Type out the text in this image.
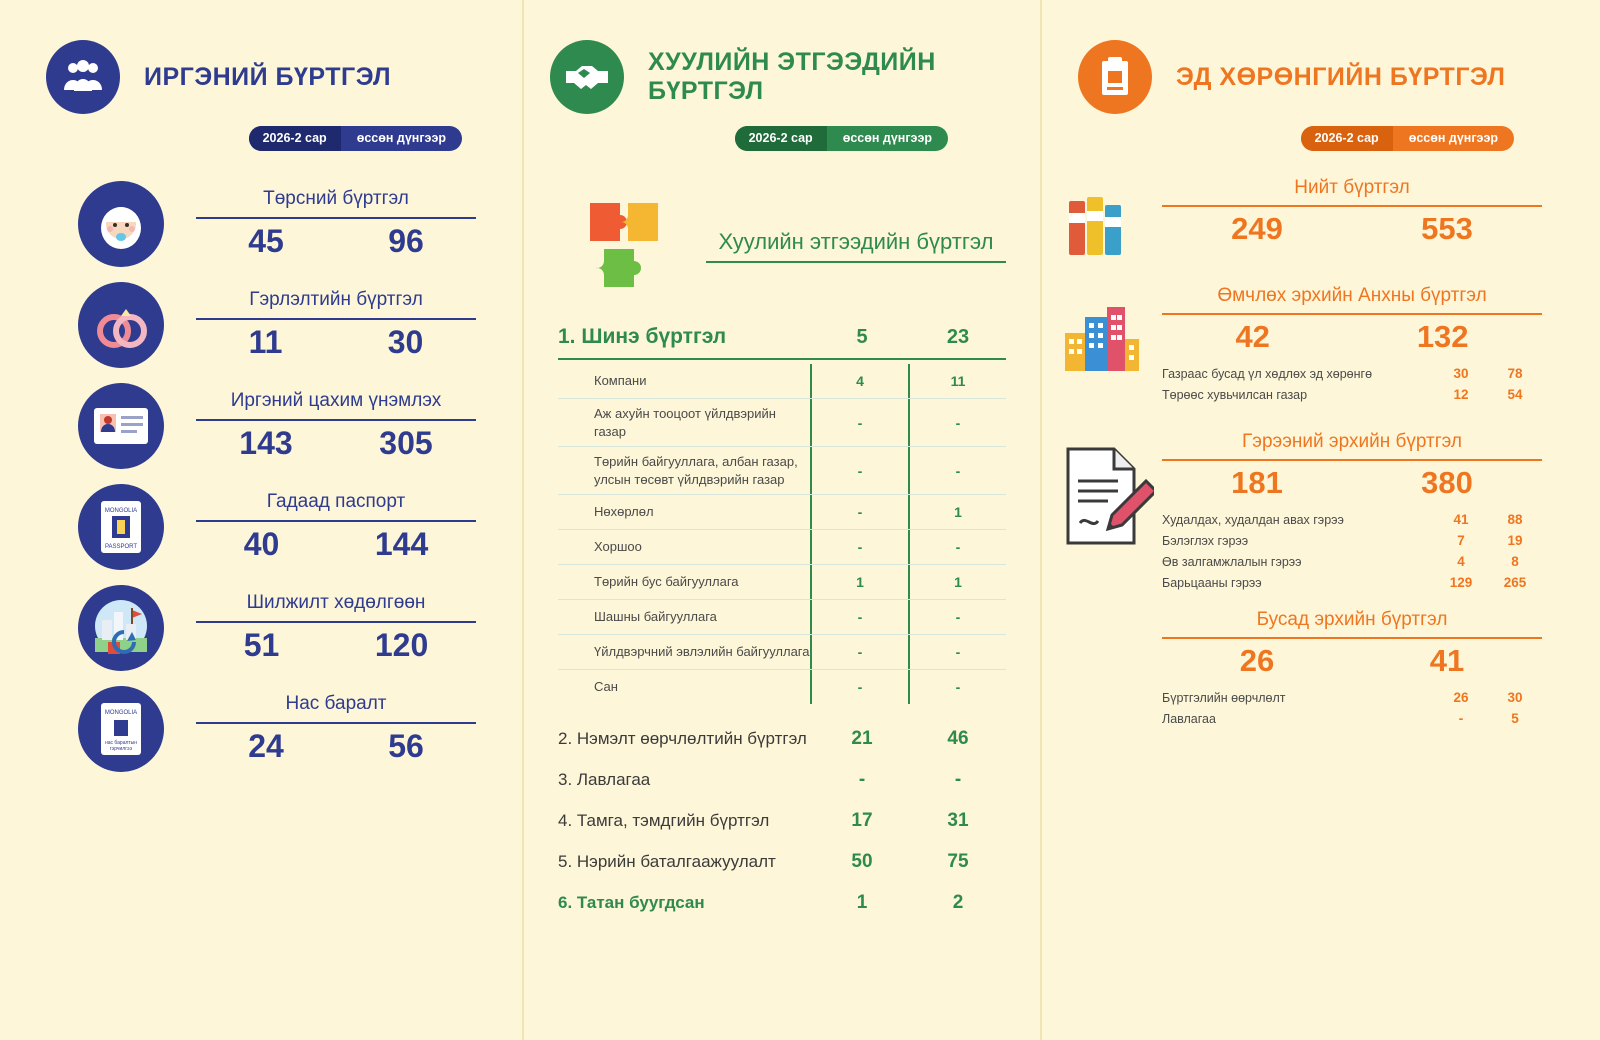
ИРГЭНИЙ БҮРТГЭЛ
2026-2 сар	өссөн дүнгээр
Төрсний бүртгэл
45	96
Гэрлэлтийн бүртгэл
11	30
Иргэний цахим үнэмлэх
143	305
MONGOLIA
PASSPORT
Гадаад паспорт
40	144
Шилжилт хөдөлгөөн
51	120
MONGOLIA
нас баралтын
гэрчилгээ
Нас баралт
24	56
ХУУЛИЙН ЭТГЭЭДИЙН БҮРТГЭЛ
2026-2 сар	өссөн дүнгээр
Хуулийн этгээдийн бүртгэл
1. Шинэ бүртгэл	5	23
Компани	4	11
Аж ахуйн тооцоот үйлдвэрийн газар
-	-
Төрийн байгууллага, албан газар, улсын төсөвт үйлдвэрийн газар
-	-
Нөхөрлөл	-	1
Хоршоо	-	-
Төрийн бус байгууллага	1	1
Шашны байгууллага	-	-
Үйлдвэрчний эвлэлийн байгууллага	-	-
Сан	-	-
2. Нэмэлт өөрчлөлтийн бүртгэл	21	46
3. Лавлагаа	-	-
4. Тамга, тэмдгийн бүртгэл	17	31
5. Нэрийн баталгаажуулалт	50	75
6. Татан буугдсан	1	2
ЭД ХӨРӨНГИЙН БҮРТГЭЛ
2026-2 сар	өссөн дүнгээр
Нийт бүртгэл
249	553
Өмчлөх эрхийн Анхны бүртгэл
42	132
Газраас бусад үл хөдлөх эд хөрөнгө	30	78
Төрөөс хувьчилсан газар	12	54
Гэрээний эрхийн бүртгэл
181	380
Худалдах, худалдан авах гэрээ	41	88
Бэлэглэх гэрээ	7	19
Өв залгамжлалын гэрээ	4	8
Барьцааны гэрээ	129	265
Бусад эрхийн бүртгэл
26	41
Бүртгэлийн өөрчлөлт	26	30
Лавлагаа	-	5
